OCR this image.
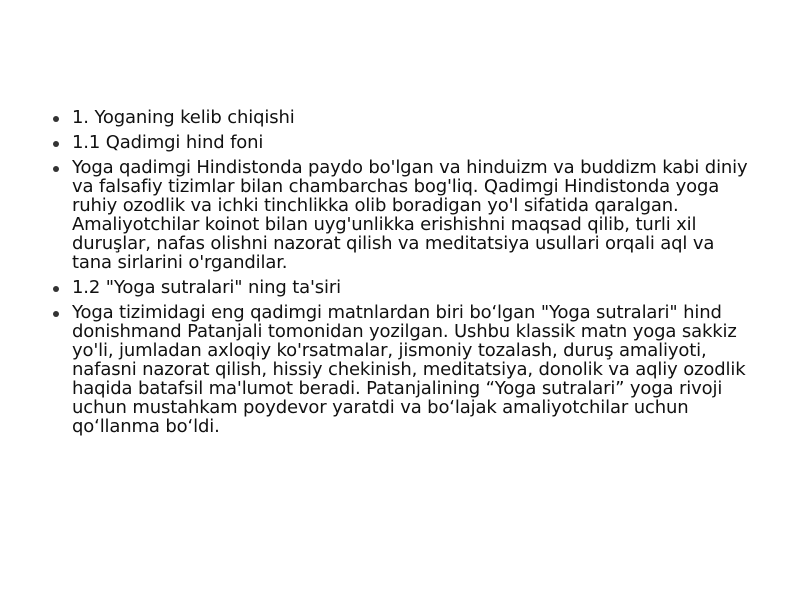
1. Yoganing kelib chiqishi
1.1 Qadimgi hind foni
Yoga qadimgi Hindistonda paydo bo'lgan va hinduizm va buddizm kabi diniy va falsafiy tizimlar bilan chambarchas bog'liq. Qadimgi Hindistonda yoga ruhiy ozodlik va ichki tinchlikka olib boradigan yo'l sifatida qaralgan. Amaliyotchilar koinot bilan uyg'unlikka erishishni maqsad qilib, turli xil duruşlar, nafas olishni nazorat qilish va meditatsiya usullari orqali aql va tana sirlarini o'rgandilar.
1.2 "Yoga sutralari" ning ta'siri
Yoga tizimidagi eng qadimgi matnlardan biri bo‘lgan "Yoga sutralari" hind donishmand Patanjali tomonidan yozilgan. Ushbu klassik matn yoga sakkiz yo'li, jumladan axloqiy ko'rsatmalar, jismoniy tozalash, duruş amaliyoti, nafasni nazorat qilish, hissiy chekinish, meditatsiya, donolik va aqliy ozodlik haqida batafsil ma'lumot beradi. Patanjalining “Yoga sutralari” yoga rivoji uchun mustahkam poydevor yaratdi va bo‘lajak amaliyotchilar uchun qo‘llanma bo‘ldi.
